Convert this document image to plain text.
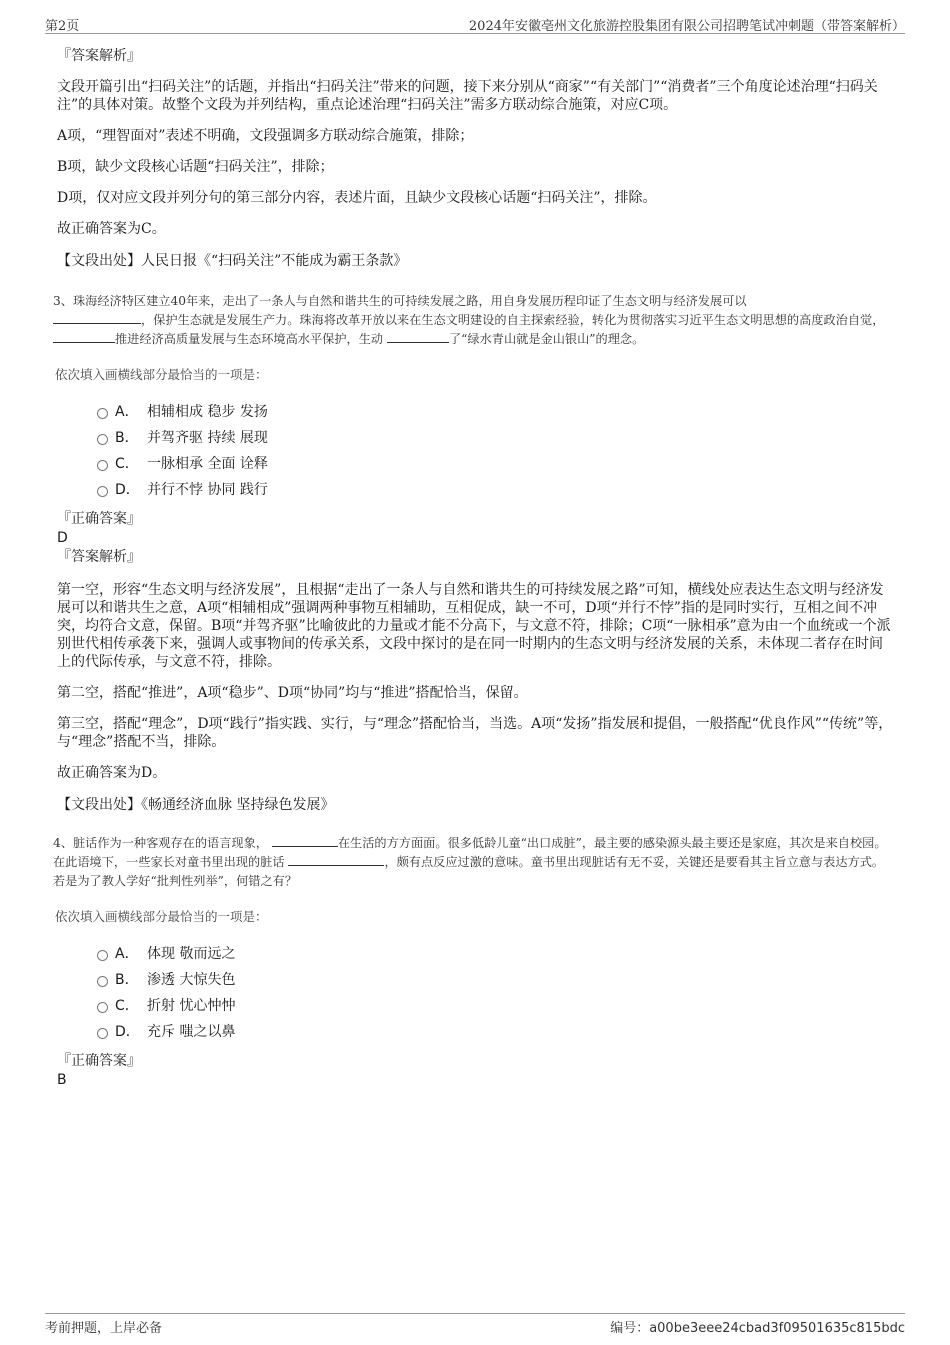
第2页	2024年安徽亳州文化旅游控股集团有限公司招聘笔试冲刺题（带答案解析）
『答案解析』

文段开篇引出“扫码关注”的话题，并指出“扫码关注”带来的问题，接下来分别从“商家”“有关部门”“消费者”三个角度论述治理“扫码关注”的具体对策。故整个文段为并列结构，重点论述治理“扫码关注”需多方联动综合施策，对应C项。

A项，“理智面对”表述不明确，文段强调多方联动综合施策，排除；

B项，缺少文段核心话题“扫码关注”，排除；

D项，仅对应文段并列分句的第三部分内容，表述片面，且缺少文段核心话题“扫码关注”，排除。

故正确答案为C。

【文段出处】人民日报《“扫码关注”不能成为霸王条款》

3、珠海经济特区建立40年来，走出了一条人与自然和谐共生的可持续发展之路，用自身发展历程印证了生态文明与经济发展可以
，保护生态就是发展生产力。珠海将改革开放以来在生态文明建设的自主探索经验，转化为贯彻落实习近平生态文明思想的高度政治自觉， 推进经济高质量发展与生态环境高水平保护，生动	了“绿水青山就是金山银山”的理念。

依次填入画横线部分最恰当的一项是：

A． 相辅相成 稳步 发扬
B． 并驾齐驱 持续 展现
C． 一脉相承 全面 诠释
D． 并行不悖 协同 践行
『正确答案』

D

『答案解析』

第一空，形容“生态文明与经济发展”，且根据“走出了一条人与自然和谐共生的可持续发展之路”可知，横线处应表达生态文明与经济发展可以和谐共生之意，A项“相辅相成”强调两种事物互相辅助，互相促成，缺一不可，D项“并行不悖”指的是同时实行，互相之间不冲突，均符合文意，保留。B项“并驾齐驱”比喻彼此的力量或才能不分高下，与文意不符，排除；C项“一脉相承”意为由一个血统或一个派别世代相传承袭下来，强调人或事物间的传承关系，文段中探讨的是在同一时期内的生态文明与经济发展的关系，未体现二者存在时间上的代际传承，与文意不符，排除。

第二空，搭配“推进”，A项“稳步”、D项“协同”均与“推进”搭配恰当，保留。

第三空，搭配“理念”，D项“践行”指实践、实行，与“理念”搭配恰当，当选。A项“发扬”指发展和提倡，一般搭配“优良作风”“传统”等，与“理念”搭配不当，排除。

故正确答案为D。

【文段出处】《畅通经济血脉 坚持绿色发展》

4、脏话作为一种客观存在的语言现象，	在生活的方方面面。很多低龄儿童“出口成脏”，最主要的感染源头最主要还是家庭，其次是来自校园。在此语境下，一些家长对童书里出现的脏话	，颇有点反应过激的意味。童书里出现脏话有无不妥，关键还是要看其主旨立意与表达方式。若是为了教人学好“批判性列举”，何错之有？

依次填入画横线部分最恰当的一项是：

A． 体现 敬而远之
B． 渗透 大惊失色
C． 折射 忧心忡忡
D． 充斥 嗤之以鼻
『正确答案』

B

考前押题，上岸必备	编号：a00be3eee24cbad3f09501635c815bdc
